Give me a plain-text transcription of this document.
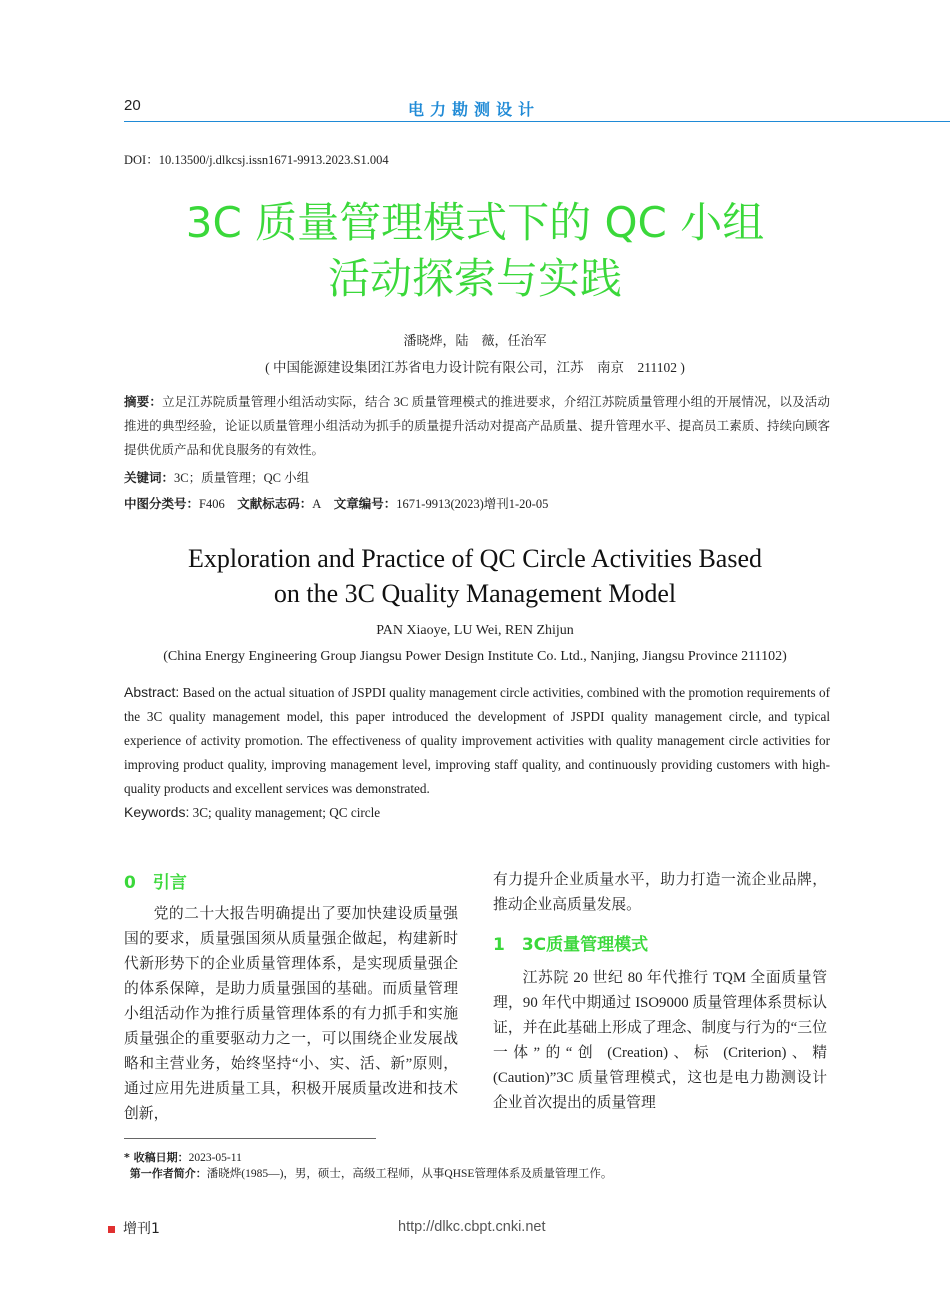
20	电力勘测设计
DOI：10.13500/j.dlkcsj.issn1671-9913.2023.S1.004
3C 质量管理模式下的 QC 小组
活动探索与实践
潘晓烨，陆　薇，任治军
( 中国能源建设集团江苏省电力设计院有限公司，江苏　南京　211102 )
摘要：立足江苏院质量管理小组活动实际，结合 3C 质量管理模式的推进要求，介绍江苏院质量管理小组的开展情况，以及活动推进的典型经验，论证以质量管理小组活动为抓手的质量提升活动对提高产品质量、提升管理水平、提高员工素质、持续向顾客提供优质产品和优良服务的有效性。
关键词：3C；质量管理；QC 小组
中图分类号：F406 文献标志码：A 文章编号：1671-9913(2023)增刊1-20-05
Exploration and Practice of QC Circle Activities Based
on the 3C Quality Management Model
PAN Xiaoye, LU Wei, REN Zhijun
(China Energy Engineering Group Jiangsu Power Design Institute Co. Ltd., Nanjing, Jiangsu Province 211102)
Abstract: Based on the actual situation of JSPDI quality management circle activities, combined with the promotion requirements of the 3C quality management model, this paper introduced the development of JSPDI quality management circle, and typical experience of activity promotion. The effectiveness of quality improvement activities with quality management circle activities for improving product quality, improving management level, improving staff quality, and continuously providing customers with high-quality products and excellent services was demonstrated.
Keywords: 3C; quality management; QC circle
0　引言

党的二十大报告明确提出了要加快建设质量强国的要求，质量强国须从质量强企做起，构建新时代新形势下的企业质量管理体系，是实现质量强企的体系保障，是助力质量强国的基础。而质量管理小组活动作为推行质量管理体系的有力抓手和实施质量强企的重要驱动力之一，可以围绕企业发展战略和主营业务，始终坚持“小、实、活、新”原则，通过应用先进质量工具，积极开展质量改进和技术创新，

有力提升企业质量水平，助力打造一流企业品牌，推动企业高质量发展。

1　3C质量管理模式

江苏院 20 世纪 80 年代推行 TQM 全面质量管理，90 年代中期通过 ISO9000 质量管理体系贯标认证，并在此基础上形成了理念、制度与行为的“三位一体”的“创 (Creation)、标 (Criterion)、精 (Caution)”3C 质量管理模式，这也是电力勘测设计企业首次提出的质量管理

* 收稿日期：2023-05-11
第一作者简介：潘晓烨(1985—)，男，硕士，高级工程师，从事QHSE管理体系及质量管理工作。
增刊1	http://dlkc.cbpt.cnki.net
